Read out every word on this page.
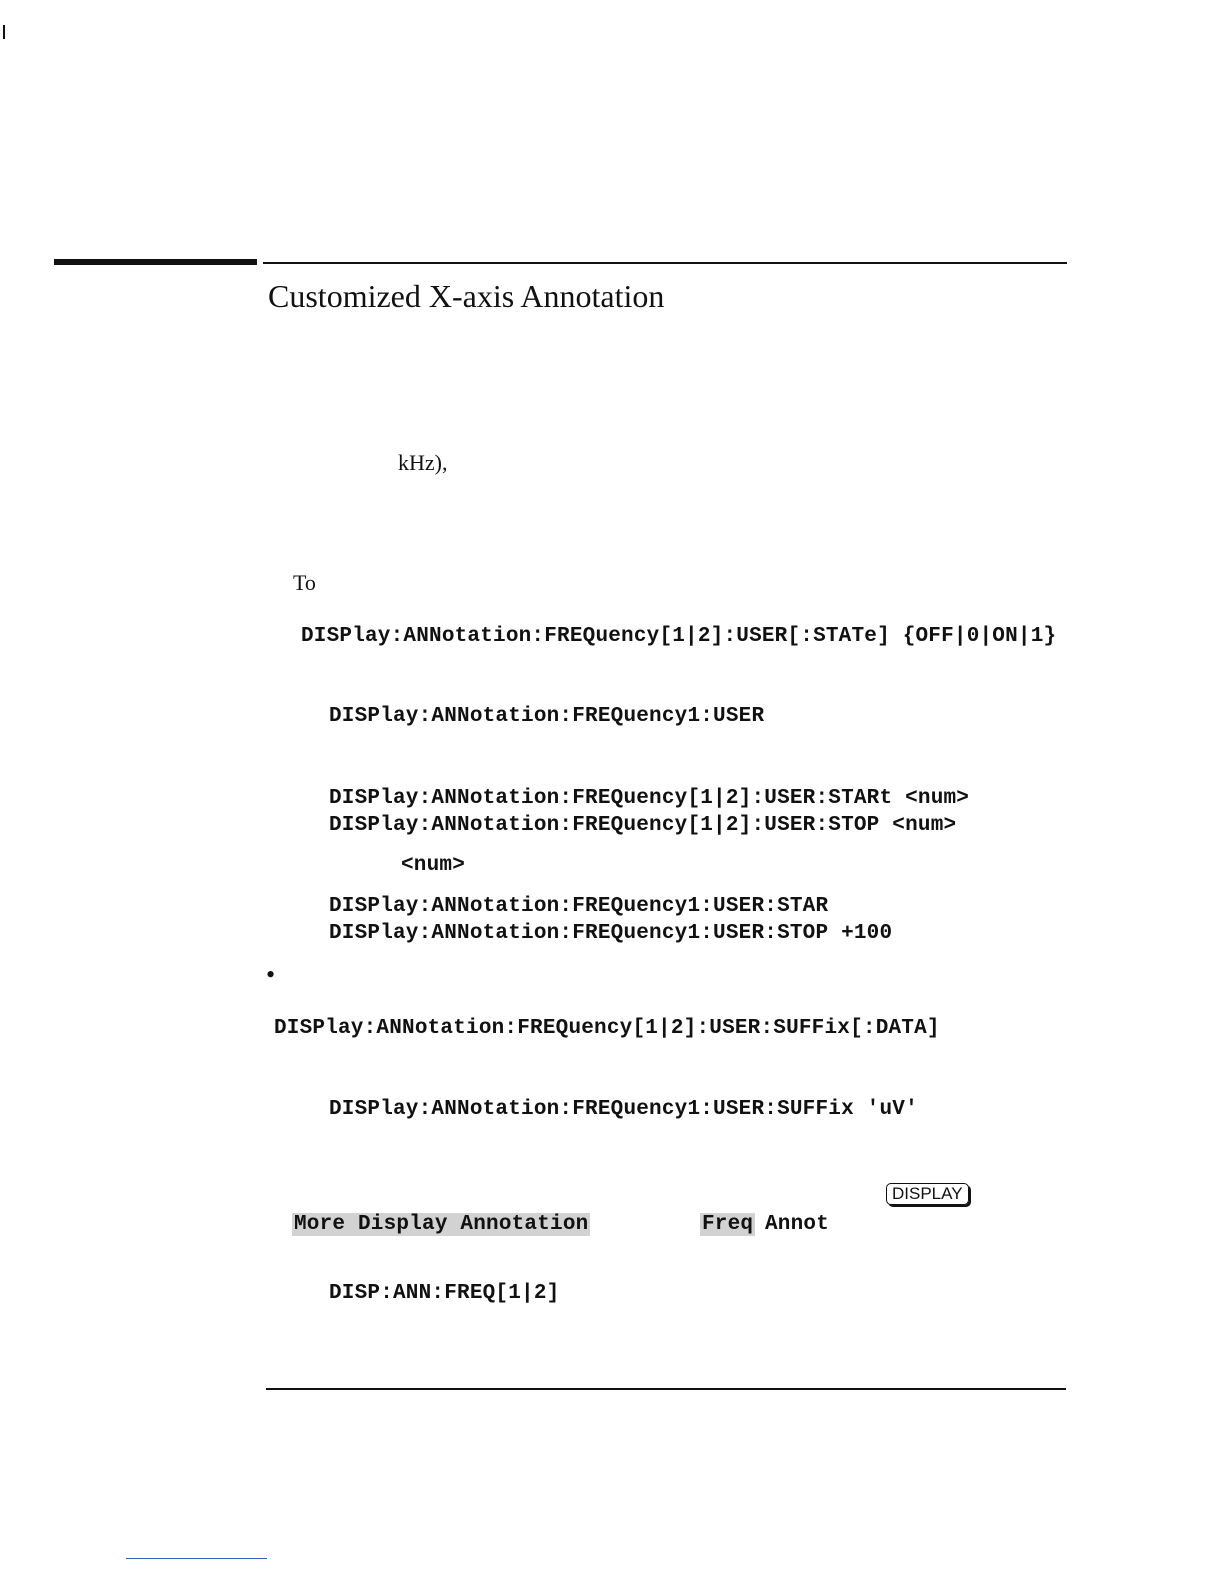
Customized X-axis Annotation
kHz),
To
DISPlay:ANNotation:FREQuency[1|2]:USER[:STATe] {OFF|0|ON|1}
DISPlay:ANNotation:FREQuency1:USER
DISPlay:ANNotation:FREQuency[1|2]:USER:STARt <num>
DISPlay:ANNotation:FREQuency[1|2]:USER:STOP <num>
<num>
DISPlay:ANNotation:FREQuency1:USER:STAR
DISPlay:ANNotation:FREQuency1:USER:STOP +100
•
DISPlay:ANNotation:FREQuency[1|2]:USER:SUFFix[:DATA]
DISPlay:ANNotation:FREQuency1:USER:SUFFix 'uV'
DISPLAY
More Display Annotation	Freq Annot
DISP:ANN:FREQ[1|2]
